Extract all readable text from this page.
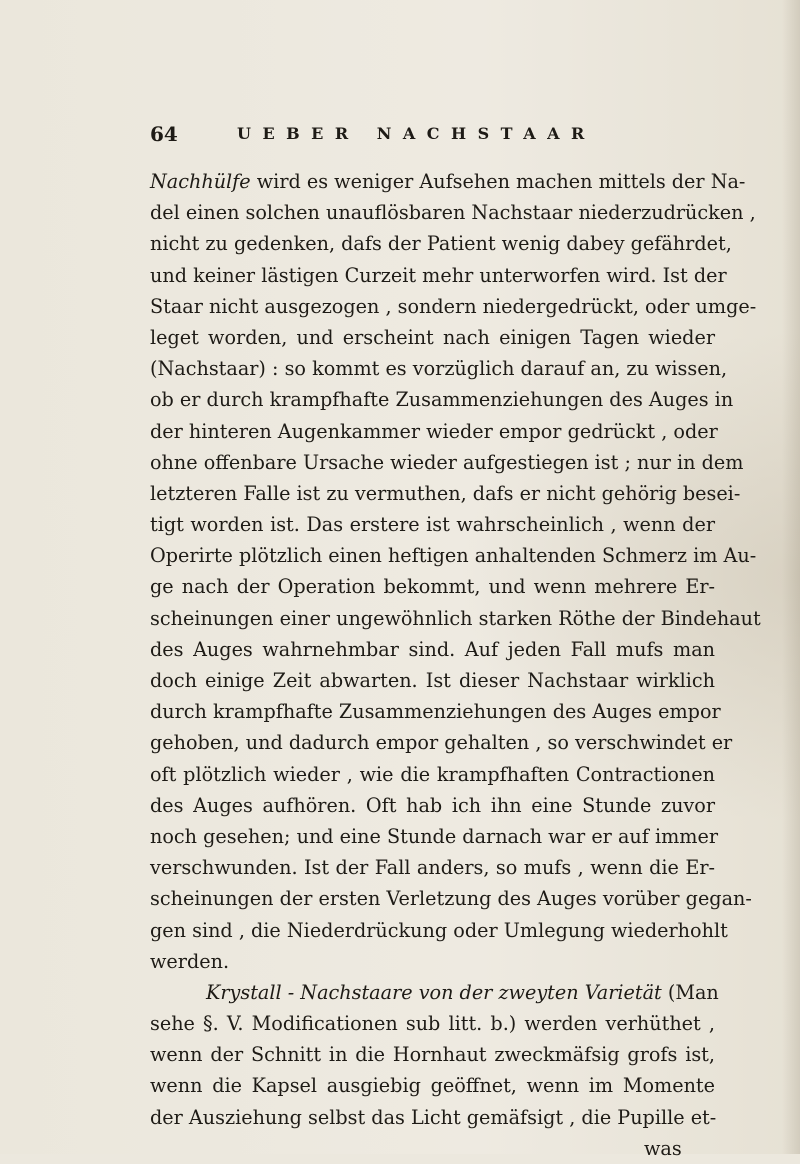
64	UEBER NACHSTAAR
Nachhülfe wird es weniger Aufsehen machen mittels der Na-
del einen solchen unauflösbaren Nachstaar niederzudrücken ,
nicht zu gedenken, dafs der Patient wenig dabey gefährdet,
und keiner lästigen Curzeit mehr unterworfen wird. Ist der
Staar nicht ausgezogen , sondern niedergedrückt, oder umge-
leget worden, und erscheint nach einigen Tagen wieder
(Nachstaar) : so kommt es vorzüglich darauf an, zu wissen,
ob er durch krampfhafte Zusammenziehungen des Auges in
der hinteren Augenkammer wieder empor gedrückt , oder
ohne offenbare Ursache wieder aufgestiegen ist ; nur in dem
letzteren Falle ist zu vermuthen, dafs er nicht gehörig besei-
tigt worden ist. Das erstere ist wahrscheinlich , wenn der
Operirte plötzlich einen heftigen anhaltenden Schmerz im Au-
ge nach der Operation bekommt, und wenn mehrere Er-
scheinungen einer ungewöhnlich starken Röthe der Bindehaut
des Auges wahrnehmbar sind. Auf jeden Fall mufs man
doch einige Zeit abwarten. Ist dieser Nachstaar wirklich
durch krampfhafte Zusammenziehungen des Auges empor
gehoben, und dadurch empor gehalten , so verschwindet er
oft plötzlich wieder , wie die krampfhaften Contractionen
des Auges aufhören. Oft hab ich ihn eine Stunde zuvor
noch gesehen; und eine Stunde darnach war er auf immer
verschwunden. Ist der Fall anders, so mufs , wenn die Er-
scheinungen der ersten Verletzung des Auges vorüber gegan-
gen sind , die Niederdrückung oder Umlegung wiederhohlt
werden.
Krystall - Nachstaare von der zweyten Varietät (Man
sehe §. V. Modificationen sub litt. b.) werden verhüthet ,
wenn der Schnitt in die Hornhaut zweckmäfsig grofs ist,
wenn die Kapsel ausgiebig geöffnet, wenn im Momente
der Ausziehung selbst das Licht gemäfsigt , die Pupille et-
was
